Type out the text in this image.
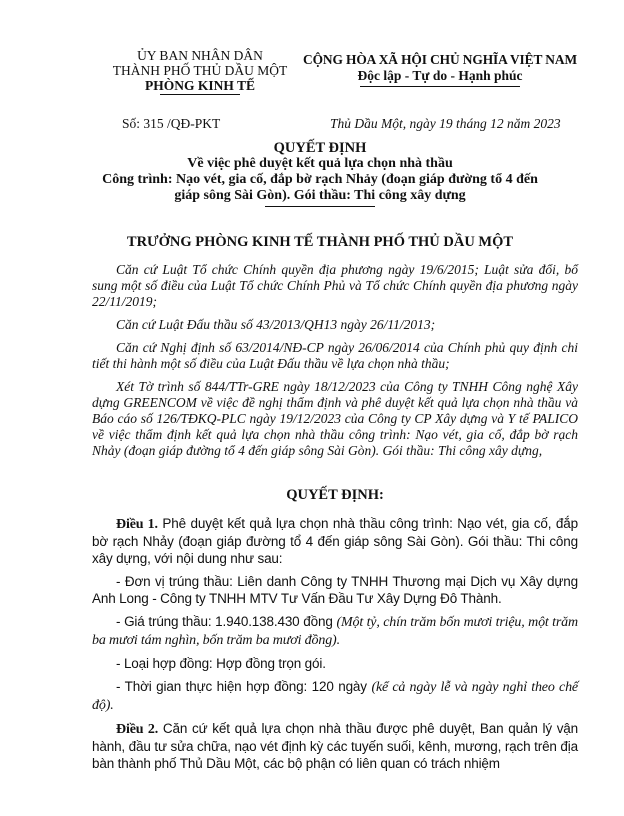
ỦY BAN NHÂN DÂN
THÀNH PHỐ THỦ DẦU MỘT
PHÒNG KINH TẾ
CỘNG HÒA XÃ HỘI CHỦ NGHĨA VIỆT NAM
Độc lập - Tự do - Hạnh phúc
Số: 315 /QĐ-PKT	Thủ Dầu Một, ngày 19 tháng 12 năm 2023
QUYẾT ĐỊNH
Về việc phê duyệt kết quả lựa chọn nhà thầu
Công trình: Nạo vét, gia cố, đắp bờ rạch Nhảy (đoạn giáp đường tổ 4 đến
giáp sông Sài Gòn). Gói thầu: Thi công xây dựng
TRƯỞNG PHÒNG KINH TẾ THÀNH PHỐ THỦ DẦU MỘT

Căn cứ Luật Tổ chức Chính quyền địa phương ngày 19/6/2015; Luật sửa đổi, bổ sung một số điều của Luật Tổ chức Chính Phủ và Tổ chức Chính quyền địa phương ngày 22/11/2019;

Căn cứ Luật Đấu thầu số 43/2013/QH13 ngày 26/11/2013;

Căn cứ Nghị định số 63/2014/NĐ-CP ngày 26/06/2014 của Chính phủ quy định chi tiết thi hành một số điều của Luật Đấu thầu về lựa chọn nhà thầu;

Xét Tờ trình số 844/TTr-GRE ngày 18/12/2023 của Công ty TNHH Công nghệ Xây dựng GREENCOM về việc đề nghị thẩm định và phê duyệt kết quả lựa chọn nhà thầu và Báo cáo số 126/TĐKQ-PLC ngày 19/12/2023 của Công ty CP Xây dựng và Y tế PALICO về việc thẩm định kết quả lựa chọn nhà thầu công trình: Nạo vét, gia cố, đắp bờ rạch Nhảy (đoạn giáp đường tổ 4 đến giáp sông Sài Gòn). Gói thầu: Thi công xây dựng,

QUYẾT ĐỊNH:

Điều 1. Phê duyệt kết quả lựa chọn nhà thầu công trình: Nạo vét, gia cố, đắp bờ rạch Nhảy (đoạn giáp đường tổ 4 đến giáp sông Sài Gòn). Gói thầu: Thi công xây dựng, với nội dung như sau:

- Đơn vị trúng thầu: Liên danh Công ty TNHH Thương mại Dịch vụ Xây dựng Anh Long - Công ty TNHH MTV Tư Vấn Đầu Tư Xây Dựng Đô Thành.

- Giá trúng thầu: 1.940.138.430 đồng (Một tỷ, chín trăm bốn mươi triệu, một trăm ba mươi tám nghìn, bốn trăm ba mươi đồng).

- Loại hợp đồng: Hợp đồng trọn gói.

- Thời gian thực hiện hợp đồng: 120 ngày (kể cả ngày lễ và ngày nghỉ theo chế độ).

Điều 2. Căn cứ kết quả lựa chọn nhà thầu được phê duyệt, Ban quản lý vận hành, đầu tư sửa chữa, nạo vét định kỳ các tuyến suối, kênh, mương, rạch trên địa bàn thành phố Thủ Dầu Một, các bộ phận có liên quan có trách nhiệm
